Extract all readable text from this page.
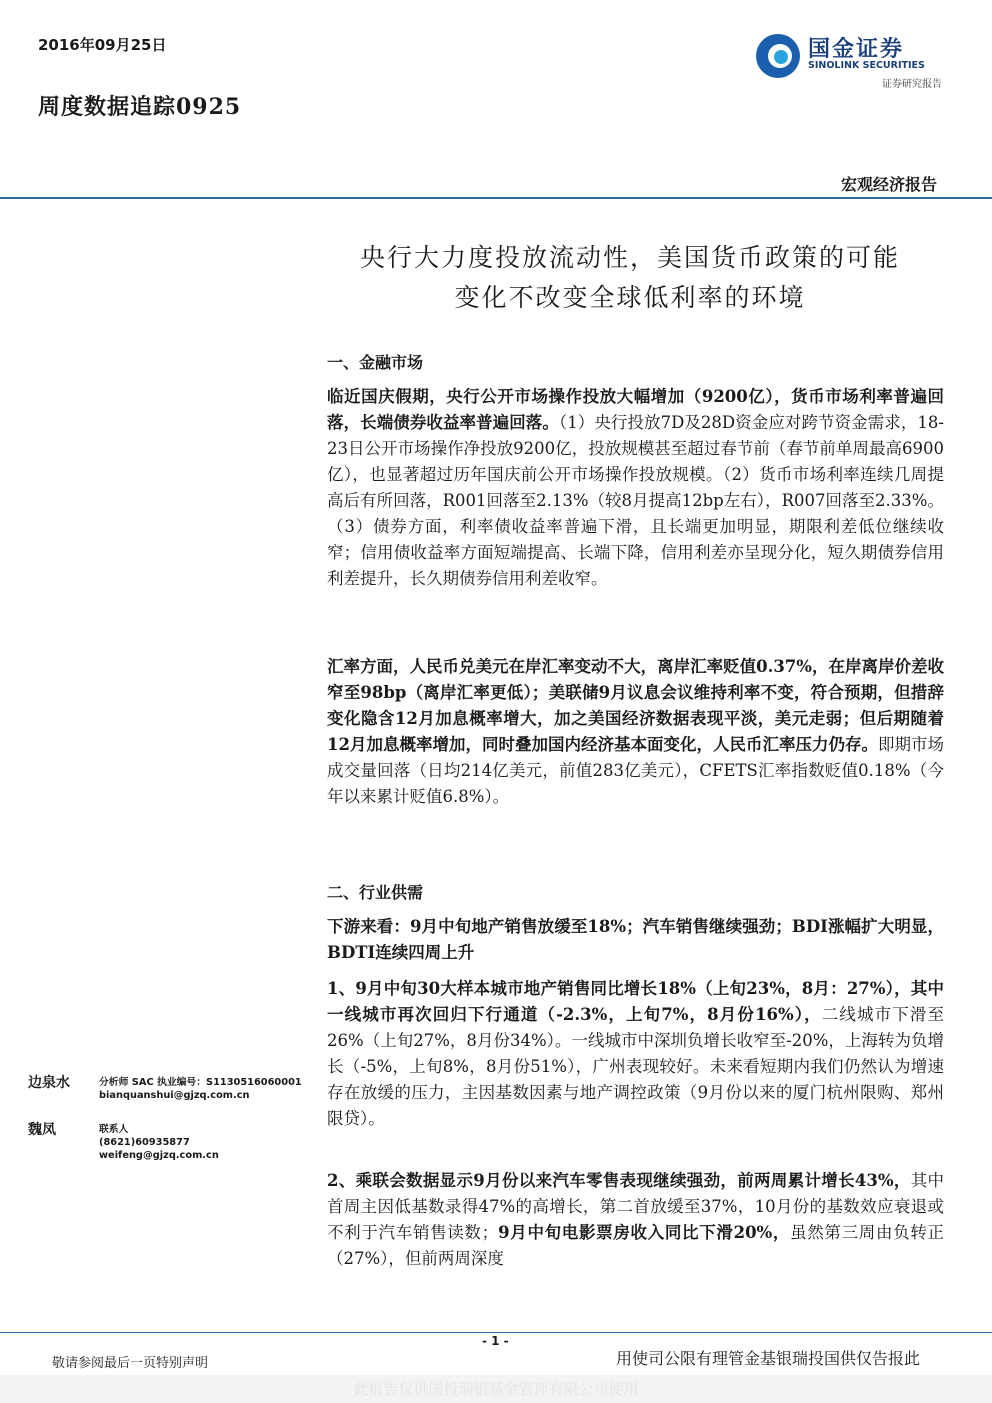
2016年09月25日
周度数据追踪0925
国金证券
SINOLINK SECURITIES
证券研究报告
宏观经济报告
央行大力度投放流动性，美国货币政策的可能
变化不改变全球低利率的环境
一、金融市场

临近国庆假期，央行公开市场操作投放大幅增加（9200亿），货币市场利率普遍回落，长端债券收益率普遍回落。（1）央行投放7D及28D资金应对跨节资金需求，18-23日公开市场操作净投放9200亿，投放规模甚至超过春节前（春节前单周最高6900亿），也显著超过历年国庆前公开市场操作投放规模。（2）货币市场利率连续几周提高后有所回落，R001回落至2.13%（较8月提高12bp左右），R007回落至2.33%。（3）债券方面，利率债收益率普遍下滑，且长端更加明显，期限利差低位继续收窄；信用债收益率方面短端提高、长端下降，信用利差亦呈现分化，短久期债券信用利差提升，长久期债券信用利差收窄。

汇率方面，人民币兑美元在岸汇率变动不大，离岸汇率贬值0.37%，在岸离岸价差收窄至98bp（离岸汇率更低）；美联储9月议息会议维持利率不变，符合预期，但措辞变化隐含12月加息概率增大，加之美国经济数据表现平淡，美元走弱；但后期随着12月加息概率增加，同时叠加国内经济基本面变化，人民币汇率压力仍存。即期市场成交量回落（日均214亿美元，前值283亿美元），CFETS汇率指数贬值0.18%（今年以来累计贬值6.8%）。

二、行业供需

下游来看：9月中旬地产销售放缓至18%；汽车销售继续强劲；BDI涨幅扩大明显，BDTI连续四周上升

1、9月中旬30大样本城市地产销售同比增长18%（上旬23%，8月：27%），其中一线城市再次回归下行通道（-2.3%，上旬7%，8月份16%），二线城市下滑至26%（上旬27%，8月份34%）。一线城市中深圳负增长收窄至-20%，上海转为负增长（-5%，上旬8%，8月份51%），广州表现较好。未来看短期内我们仍然认为增速存在放缓的压力，主因基数因素与地产调控政策（9月份以来的厦门杭州限购、郑州限贷）。

2、乘联会数据显示9月份以来汽车零售表现继续强劲，前两周累计增长43%，其中首周主因低基数录得47%的高增长，第二首放缓至37%，10月份的基数效应衰退或不利于汽车销售读数；9月中旬电影票房收入同比下滑20%，虽然第三周由负转正（27%），但前两周深度

边泉水	分析师 SAC 执业编号：S1130516060001
bianquanshui@gjzq.com.cn
魏凤	联系人
(8621)60935877
weifeng@gjzq.com.cn
- 1 -
敬请参阅最后一页特别声明	用使司公限有理管金基银瑞投国供仅告报此
此报告仅供国投瑞银基金管理有限公司使用
